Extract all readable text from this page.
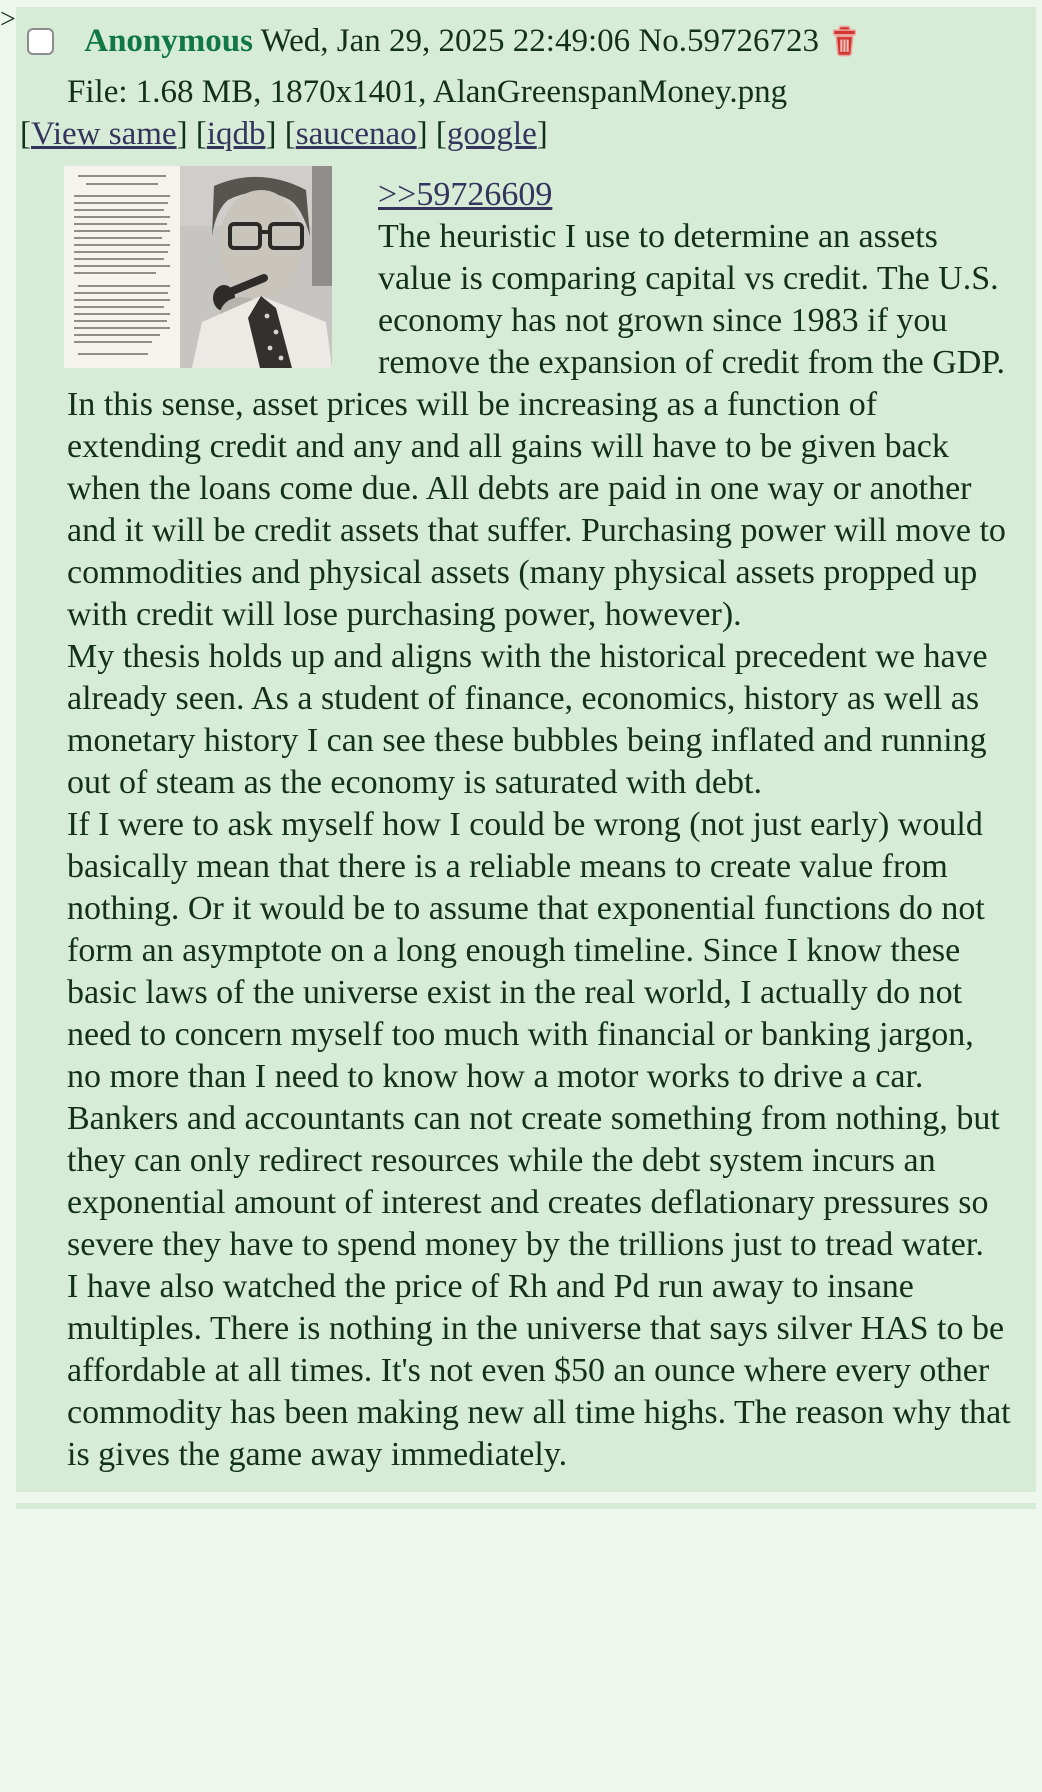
>
Anonymous Wed, Jan 29, 2025 22:49:06 No.59726723
File: 1.68 MB, 1870x1401, AlanGreenspanMoney.png
[View same] [iqdb] [saucenao] [google]
>>59726609
The heuristic I use to determine an assets value is comparing capital vs credit. The U.S. economy has not grown since 1983 if you remove the expansion of credit from the GDP. In this sense, asset prices will be increasing as a function of extending credit and any and all gains will have to be given back when the loans come due. All debts are paid in one way or another and it will be credit assets that suffer. Purchasing power will move to commodities and physical assets (many physical assets propped up with credit will lose purchasing power, however).
My thesis holds up and aligns with the historical precedent we have already seen. As a student of finance, economics, history as well as monetary history I can see these bubbles being inflated and running out of steam as the economy is saturated with debt.
If I were to ask myself how I could be wrong (not just early) would basically mean that there is a reliable means to create value from nothing. Or it would be to assume that exponential functions do not form an asymptote on a long enough timeline. Since I know these basic laws of the universe exist in the real world, I actually do not need to concern myself too much with financial or banking jargon, no more than I need to know how a motor works to drive a car. Bankers and accountants can not create something from nothing, but they can only redirect resources while the debt system incurs an exponential amount of interest and creates deflationary pressures so severe they have to spend money by the trillions just to tread water.
I have also watched the price of Rh and Pd run away to insane multiples. There is nothing in the universe that says silver HAS to be affordable at all times. It's not even $50 an ounce where every other commodity has been making new all time highs. The reason why that is gives the game away immediately.
